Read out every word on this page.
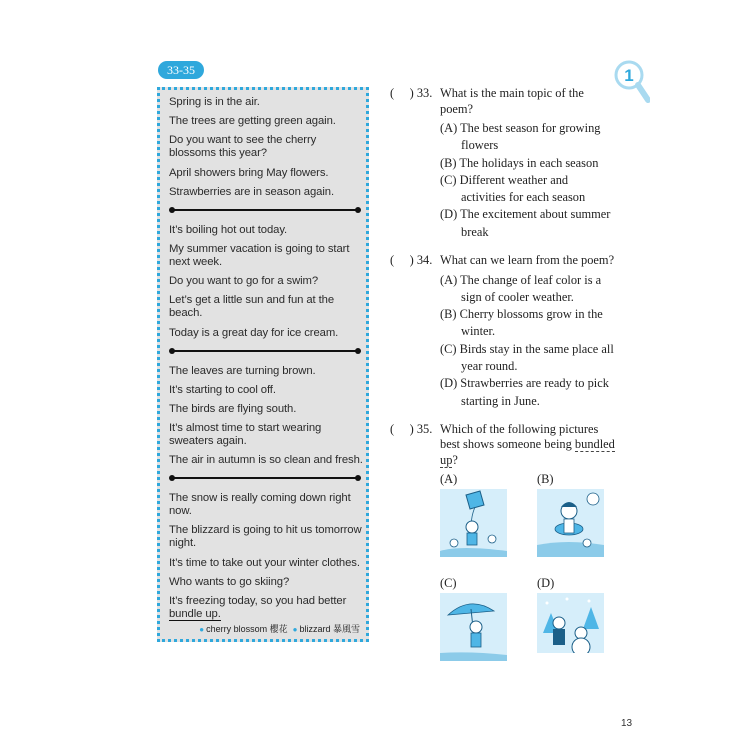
33-35
Spring is in the air.
The trees are getting green again.
Do you want to see the cherry
blossoms this year?
April showers bring May flowers.
Strawberries are in season again.
It’s boiling hot out today.
My summer vacation is going to start
next week.
Do you want to go for a swim?
Let’s get a little sun and fun at the
beach.
Today is a great day for ice cream.
The leaves are turning brown.
It’s starting to cool off.
The birds are flying south.
It’s almost time to start wearing
sweaters again.
The air in autumn is so clean and fresh.
The snow is really coming down right
now.
The blizzard is going to hit us tomorrow
night.
It’s time to take out your winter clothes.
Who wants to go skiing?
It’s freezing today, so you had better
bundle up.
● cherry blossom 櫻花 ● blizzard 暴風雪
1
(     ) 33. What is the main topic of the poem?
(A) The best season for growing flowers
(B) The holidays in each season
(C) Different weather and activities for each season
(D) The excitement about summer break
(     ) 34. What can we learn from the poem?
(A) The change of leaf color is a sign of cooler weather.
(B) Cherry blossoms grow in the winter.
(C) Birds stay in the same place all year round.
(D) Strawberries are ready to pick starting in June.
(     ) 35. Which of the following pictures best shows someone being bundled up?
(A)	(B)
(C)	(D)
13
